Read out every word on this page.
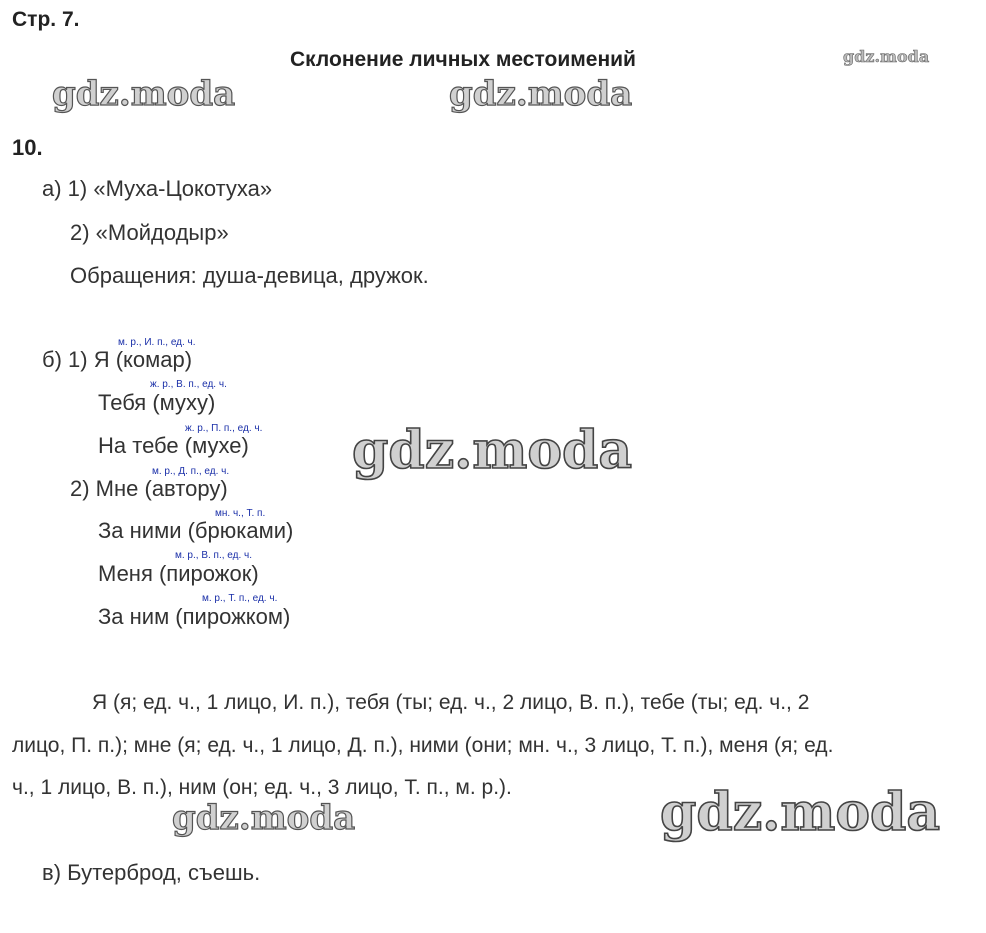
Стр. 7.
Склонение личных местоимений	gdz.moda
gdz.moda	gdz.moda
10.
а) 1) «Муха-Цокотуха»
2) «Мойдодыр»
Обращения: душа-девица, дружок.
м. р., И. п., ед. ч.
ж. р., В. п., ед. ч.
ж. р., П. п., ед. ч.
м. р., Д. п., ед. ч.
мн. ч., Т. п.
м. р., В. п., ед. ч.
м. р., Т. п., ед. ч.
б) 1) Я (комар)
Тебя (муху)
На тебе (мухе)
2) Мне (автору)
За ними (брюками)
Меня (пирожок)
За ним (пирожком)
gdz.moda
Я (я; ед. ч., 1 лицо, И. п.), тебя (ты; ед. ч., 2 лицо, В. п.), тебе (ты; ед. ч., 2
лицо, П. п.); мне (я; ед. ч., 1 лицо, Д. п.), ними (они; мн. ч., 3 лицо, Т. п.), меня (я; ед.
ч., 1 лицо, В. п.), ним (он; ед. ч., 3 лицо, Т. п., м. р.).
gdz.moda	gdz.moda
в) Бутерброд, съешь.
